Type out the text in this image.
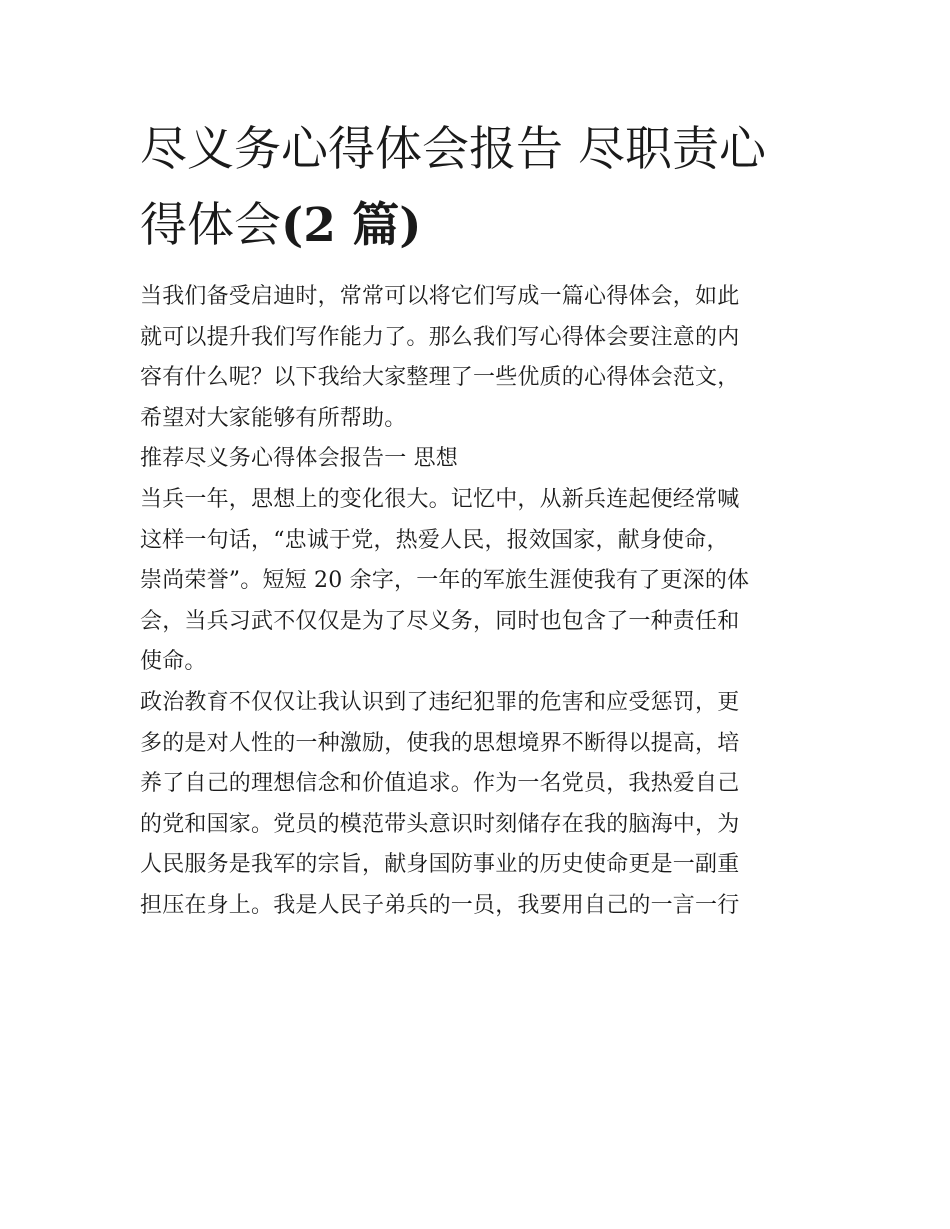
尽义务心得体会报告 尽职责心
得体会(2 篇)
当我们备受启迪时，常常可以将它们写成一篇心得体会，如此
就可以提升我们写作能力了。那么我们写心得体会要注意的内
容有什么呢？以下我给大家整理了一些优质的心得体会范文，
希望对大家能够有所帮助。
推荐尽义务心得体会报告一 思想
当兵一年，思想上的变化很大。记忆中，从新兵连起便经常喊
这样一句话，“忠诚于党，热爱人民，报效国家，献身使命，
崇尚荣誉”。短短 20 余字，一年的军旅生涯使我有了更深的体
会，当兵习武不仅仅是为了尽义务，同时也包含了一种责任和
使命。
政治教育不仅仅让我认识到了违纪犯罪的危害和应受惩罚，更
多的是对人性的一种激励，使我的思想境界不断得以提高，培
养了自己的理想信念和价值追求。作为一名党员，我热爱自己
的党和国家。党员的模范带头意识时刻储存在我的脑海中，为
人民服务是我军的宗旨，献身国防事业的历史使命更是一副重
担压在身上。我是人民子弟兵的一员，我要用自己的一言一行
